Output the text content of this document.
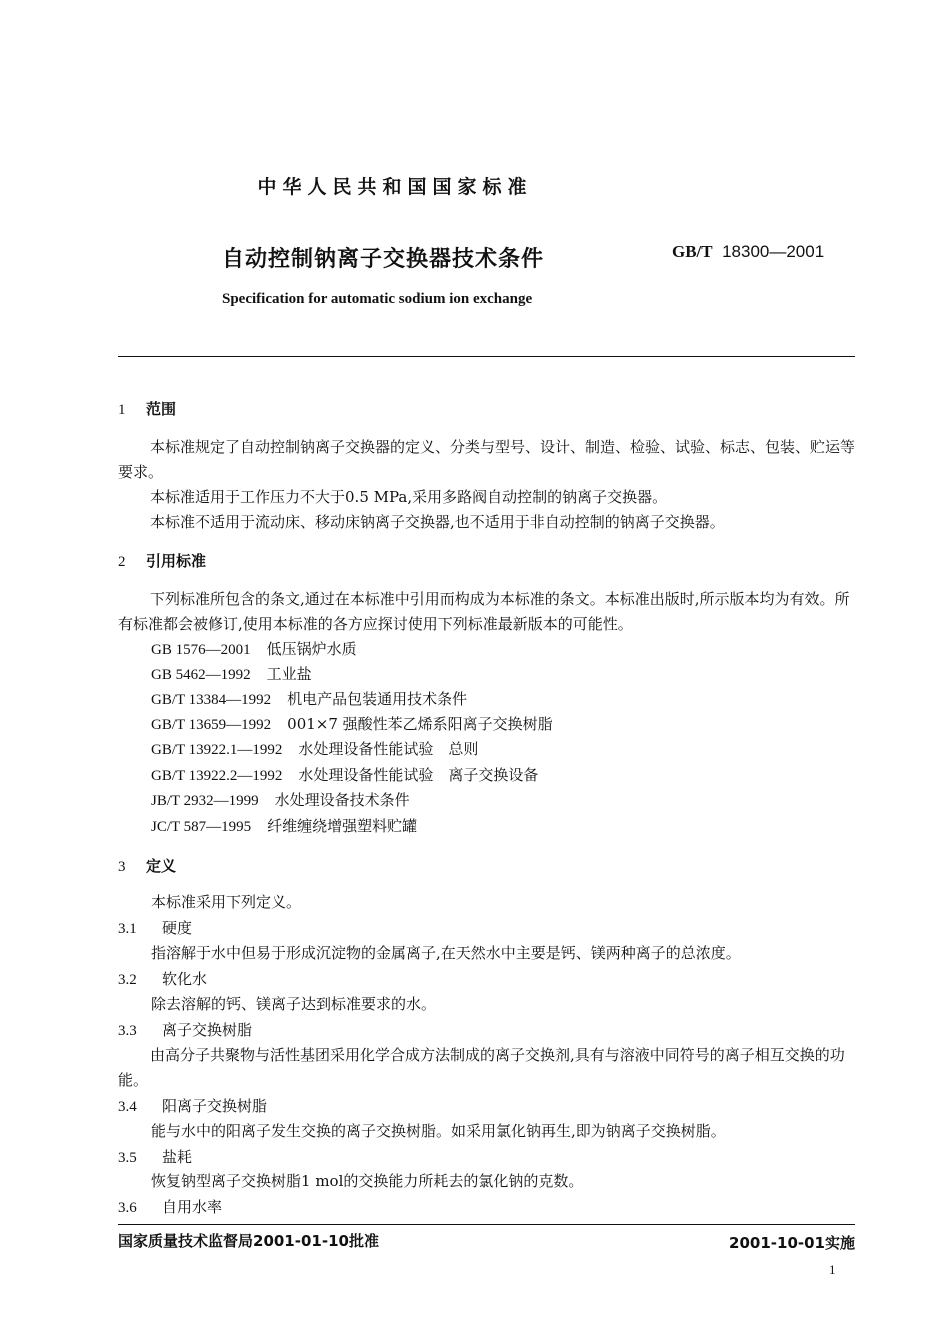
中华人民共和国国家标准
自动控制钠离子交换器技术条件	GB/T 18300—2001
Specification for automatic sodium ion exchange
1 范围
本标准规定了自动控制钠离子交换器的定义、分类与型号、设计、制造、检验、试验、标志、包装、贮运等要求。
本标准适用于工作压力不大于0.5 MPa,采用多路阀自动控制的钠离子交换器。
本标准不适用于流动床、移动床钠离子交换器,也不适用于非自动控制的钠离子交换器。
2 引用标准
下列标准所包含的条文,通过在本标准中引用而构成为本标准的条文。本标准出版时,所示版本均为有效。所有标准都会被修订,使用本标准的各方应探讨使用下列标准最新版本的可能性。
GB 1576—2001 低压锅炉水质
GB 5462—1992 工业盐
GB/T 13384—1992 机电产品包装通用技术条件
GB/T 13659—1992 001×7 强酸性苯乙烯系阳离子交换树脂
GB/T 13922.1—1992 水处理设备性能试验　总则
GB/T 13922.2—1992 水处理设备性能试验　离子交换设备
JB/T 2932—1999 水处理设备技术条件
JC/T 587—1995 纤维缠绕增强塑料贮罐
3 定义
本标准采用下列定义。
3.1 硬度
指溶解于水中但易于形成沉淀物的金属离子,在天然水中主要是钙、镁两种离子的总浓度。
3.2 软化水
除去溶解的钙、镁离子达到标准要求的水。
3.3 离子交换树脂
由高分子共聚物与活性基团采用化学合成方法制成的离子交换剂,具有与溶液中同符号的离子相互交换的功能。
3.4 阳离子交换树脂
能与水中的阳离子发生交换的离子交换树脂。如采用氯化钠再生,即为钠离子交换树脂。
3.5 盐耗
恢复钠型离子交换树脂1 mol的交换能力所耗去的氯化钠的克数。
3.6 自用水率
国家质量技术监督局2001-01-10批准	2001-10-01实施
1
